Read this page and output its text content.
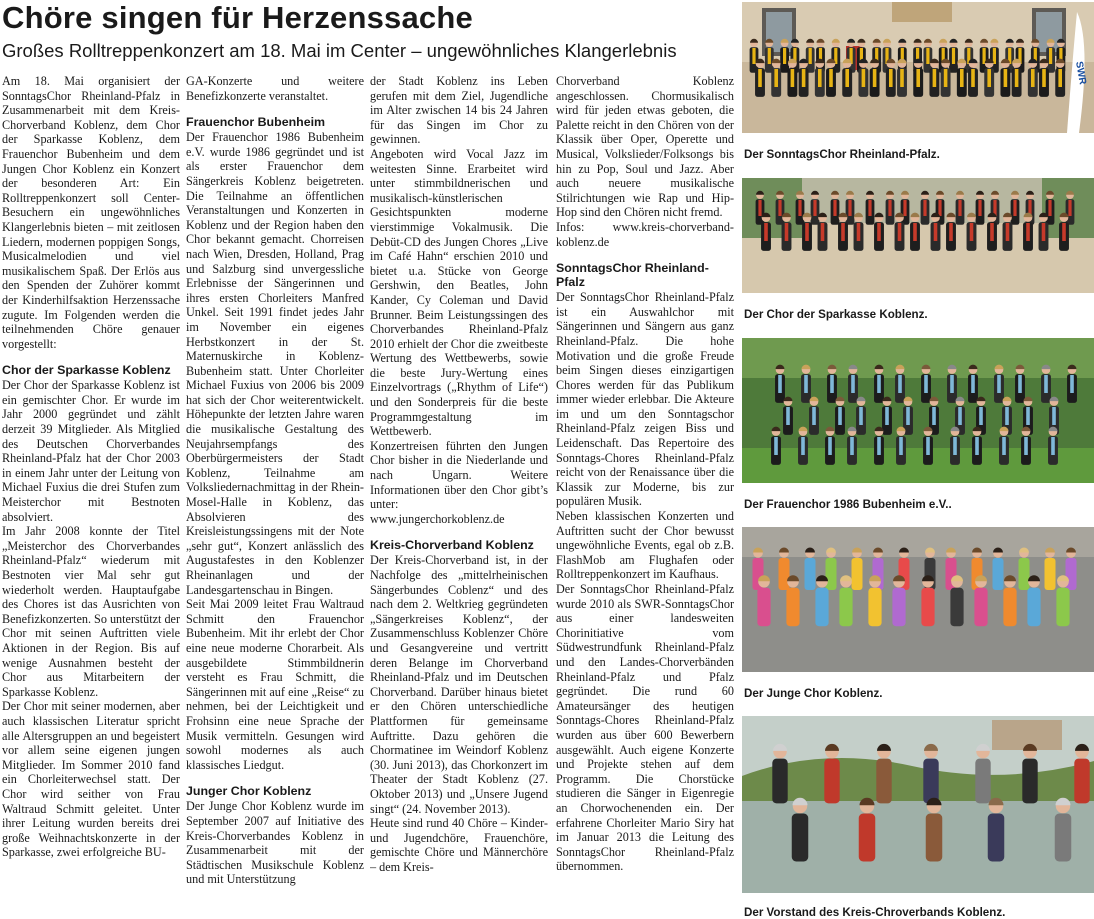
Chöre singen für Herzenssache
Großes Rolltreppenkonzert am 18. Mai im Center – ungewöhnliches Klangerlebnis

Am 18. Mai organisiert der SonntagsChor Rheinland-Pfalz in Zusammenarbeit mit dem Kreis-Chorverband Koblenz, dem Chor der Sparkasse Koblenz, dem Frauenchor Bubenheim und dem Jungen Chor Koblenz ein Konzert der besonderen Art: Ein Rolltreppenkonzert soll Center-Besuchern ein ungewöhnliches Klangerlebnis bieten – mit zeitlosen Liedern, modernen poppigen Songs, Musicalmelodien und viel musikalischem Spaß. Der Erlös aus den Spenden der Zuhörer kommt der Kinderhilfsaktion Herzenssache zugute. Im Folgenden werden die teilnehmenden Chöre genauer vorgestellt:

Chor der Sparkasse Koblenz

Der Chor der Sparkasse Koblenz ist ein gemischter Chor. Er wurde im Jahr 2000 gegründet und zählt derzeit 39 Mitglieder. Als Mitglied des Deutschen Chorverbandes Rheinland-Pfalz hat der Chor 2003 in einem Jahr unter der Leitung von Michael Fuxius die drei Stufen zum Meisterchor mit Bestnoten absolviert.

Im Jahr 2008 konnte der Titel „Meisterchor des Chorverbandes Rheinland-Pfalz“ wiederum mit Bestnoten vier Mal sehr gut wiederholt werden. Hauptaufgabe des Chores ist das Ausrichten von Benefizkonzerten. So unterstützt der Chor mit seinen Auftritten viele Aktionen in der Region. Bis auf wenige Ausnahmen besteht der Chor aus Mitarbeitern der Sparkasse Koblenz.

Der Chor mit seiner modernen, aber auch klassischen Literatur spricht alle Altersgruppen an und begeistert vor allem seine eigenen jungen Mitglieder. Im Sommer 2010 fand ein Chorleiterwechsel statt. Der Chor wird seither von Frau Waltraud Schmitt geleitet. Unter ihrer Leitung wurden bereits drei große Weihnachtskonzerte in der Sparkasse, zwei erfolgreiche BU-

GA-Konzerte und weitere Benefizkonzerte veranstaltet.

Frauenchor Bubenheim

Der Frauenchor 1986 Bubenheim e.V. wurde 1986 gegründet und ist als erster Frauenchor dem Sängerkreis Koblenz beigetreten. Die Teilnahme an öffentlichen Veranstaltungen und Konzerten in Koblenz und der Region haben den Chor bekannt gemacht. Chorreisen nach Wien, Dresden, Holland, Prag und Salzburg sind unvergessliche Erlebnisse der Sängerinnen und ihres ersten Chorleiters Manfred Unkel. Seit 1991 findet jedes Jahr im November ein eigenes Herbstkonzert in der St. Maternuskirche in Koblenz-Bubenheim statt. Unter Chorleiter Michael Fuxius von 2006 bis 2009 hat sich der Chor weiterentwickelt. Höhepunkte der letzten Jahre waren die musikalische Gestaltung des Neujahrsempfangs des Oberbürgermeisters der Stadt Koblenz, Teilnahme am Volksliedernachmittag in der Rhein-Mosel-Halle in Koblenz, das Absolvieren des Kreisleistungssingens mit der Note „sehr gut“, Konzert anlässlich des Augustafestes in den Koblenzer Rheinanlagen und der Landesgartenschau in Bingen.

Seit Mai 2009 leitet Frau Waltraud Schmitt den Frauenchor Bubenheim. Mit ihr erlebt der Chor eine neue moderne Chorarbeit. Als ausgebildete Stimmbildnerin versteht es Frau Schmitt, die Sängerinnen mit auf eine „Reise“ zu nehmen, bei der Leichtigkeit und Frohsinn eine neue Sprache der Musik vermitteln. Gesungen wird sowohl modernes als auch klassisches Liedgut.

Junger Chor Koblenz

Der Junge Chor Koblenz wurde im September 2007 auf Initiative des Kreis-Chorverbandes Koblenz in Zusammenarbeit mit der Städtischen Musikschule Koblenz und mit Unterstützung

der Stadt Koblenz ins Leben gerufen mit dem Ziel, Jugendliche im Alter zwischen 14 bis 24 Jahren für das Singen im Chor zu gewinnen.

Angeboten wird Vocal Jazz im weitesten Sinne. Erarbeitet wird unter stimmbildnerischen und musikalisch-künstlerischen Gesichtspunkten moderne vierstimmige Vokalmusik. Die Debüt-CD des Jungen Chores „Live im Café Hahn“ erschien 2010 und bietet u.a. Stücke von George Gershwin, den Beatles, John Kander, Cy Coleman und David Brunner. Beim Leistungssingen des Chorverbandes Rheinland-Pfalz 2010 erhielt der Chor die zweitbeste Wertung des Wettbewerbs, sowie die beste Jury-Wertung eines Einzelvortrags („Rhythm of Life“) und den Sonderpreis für die beste Programmgestaltung im Wettbewerb.

Konzertreisen führten den Jungen Chor bisher in die Niederlande und nach Ungarn. Weitere Informationen über den Chor gibt’s unter:

www.jungerchorkoblenz.de

Kreis-Chorverband Koblenz

Der Kreis-Chorverband ist, in der Nachfolge des „mittelrheinischen Sängerbundes Coblenz“ und des nach dem 2. Weltkrieg gegründeten „Sängerkreises Koblenz“, der Zusammenschluss Koblenzer Chöre und Gesangvereine und vertritt deren Belange im Chorverband Rheinland-Pfalz und im Deutschen Chorverband. Darüber hinaus bietet er den Chören unterschiedliche Plattformen für gemeinsame Auftritte. Dazu gehören die Chormatinee im Weindorf Koblenz (30. Juni 2013), das Chorkonzert im Theater der Stadt Koblenz (27. Oktober 2013) und „Unsere Jugend singt“ (24. November 2013).

Heute sind rund 40 Chöre – Kinder- und Jugendchöre, Frauenchöre, gemischte Chöre und Männerchöre – dem Kreis-

Chorverband Koblenz angeschlossen. Chormusikalisch wird für jeden etwas geboten, die Palette reicht in den Chören von der Klassik über Oper, Operette und Musical, Volkslieder/Folksongs bis hin zu Pop, Soul und Jazz. Aber auch neuere musikalische Stilrichtungen wie Rap und Hip-Hop sind den Chören nicht fremd.

Infos: www.kreis-chorverband-koblenz.de

SonntagsChor Rheinland-Pfalz

Der SonntagsChor Rheinland-Pfalz ist ein Auswahlchor mit Sängerinnen und Sängern aus ganz Rheinland-Pfalz. Die hohe Motivation und die große Freude beim Singen dieses einzigartigen Chores werden für das Publikum immer wieder erlebbar. Die Akteure im und um den Sonntagschor Rheinland-Pfalz zeigen Biss und Leidenschaft. Das Repertoire des Sonntags-Chores Rheinland-Pfalz reicht von der Renaissance über die Klassik zur Moderne, bis zur populären Musik.

Neben klassischen Konzerten und Auftritten sucht der Chor bewusst ungewöhnliche Events, egal ob z.B. FlashMob am Flughafen oder Rolltreppenkonzert im Kaufhaus.

Der SonntagsChor Rheinland-Pfalz wurde 2010 als SWR-SonntagsChor aus einer landesweiten Chorinitiative vom Südwestrundfunk Rheinland-Pfalz und den Landes-Chorverbänden Rheinland-Pfalz und Pfalz gegründet. Die rund 60 Amateursänger des heutigen Sonntags-Chores Rheinland-Pfalz wurden aus über 600 Bewerbern ausgewählt. Auch eigene Konzerte und Projekte stehen auf dem Programm. Die Chorstücke studieren die Sänger in Eigenregie an Chorwochenenden ein. Der erfahrene Chorleiter Mario Siry hat im Januar 2013 die Leitung des SonntagsChor Rheinland-Pfalz übernommen.

SWR
Der SonntagsChor Rheinland-Pfalz.
Der Chor der Sparkasse Koblenz.
Der Frauenchor 1986 Bubenheim e.V..
Der Junge Chor Koblenz.
Der Vorstand des Kreis-Chroverbands Koblenz.
